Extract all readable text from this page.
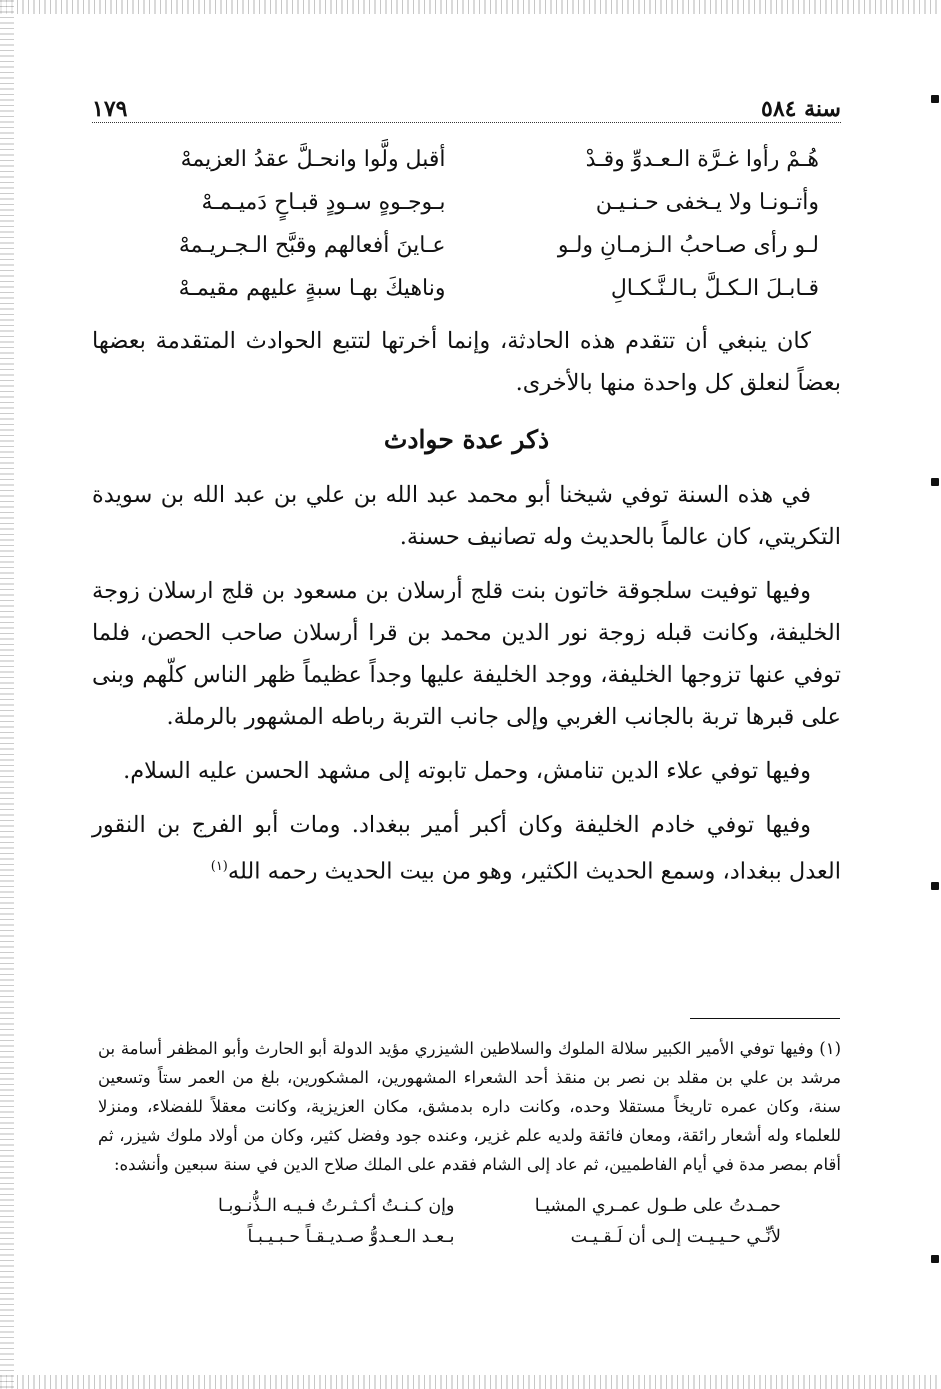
سنة ٥٨٤
١٧٩
هُـمْ رأوا غـرَّة الـعـدوِّ وقـدْ
أقبل ولَّوا وانحـلَّ عقدُ العزيمهْ
وأتـونـا ولا يـخفى حـنـيـن
بـوجـوهٍ سـودٍ قبـاحٍ دَميـمـهْ
لـو رأى صـاحبُ الـزمـانِ ولـو
عـاينَ أفعالهم وقبَّح الـجـريـمهْ
قـابـلَ الـكـلَّ بـالـنَّـكـالِ
وناهيكَ بهـا سبةٍ عليهم مقيمـهْ

كان ينبغي أن تتقدم هذه الحادثة، وإنما أخرتها لتتبع الحوادث المتقدمة بعضها بعضاً لنعلق كل واحدة منها بالأخرى.

ذكر عدة حوادث

في هذه السنة توفي شيخنا أبو محمد عبد الله بن علي بن عبد الله بن سويدة التكريتي، كان عالماً بالحديث وله تصانيف حسنة.

وفيها توفيت سلجوقة خاتون بنت قلج أرسلان بن مسعود بن قلج ارسلان زوجة الخليفة، وكانت قبله زوجة نور الدين محمد بن قرا أرسلان صاحب الحصن، فلما توفي عنها تزوجها الخليفة، ووجد الخليفة عليها وجداً عظيماً ظهر الناس كلّهم وبنى على قبرها تربة بالجانب الغربي وإلى جانب التربة رباطه المشهور بالرملة.

وفيها توفي علاء الدين تنامش، وحمل تابوته إلى مشهد الحسن عليه السلام.

وفيها توفي خادم الخليفة وكان أكبر أمير ببغداد. ومات أبو الفرج بن النقور العدل ببغداد، وسمع الحديث الكثير، وهو من بيت الحديث رحمه الله$^{(١)}$

(١) وفيها توفي الأمير الكبير سلالة الملوك والسلاطين الشيزري مؤيد الدولة أبو الحارث وأبو المظفر أسامة بن مرشد بن علي بن مقلد بن نصر بن منقذ أحد الشعراء المشهورين، المشكورين، بلغ من العمر ستاً وتسعين سنة، وكان عمره تاريخاً مستقلا وحده، وكانت داره بدمشق، مكان العزيزية، وكانت معقلاً للفضلاء، ومنزلا للعلماء وله أشعار رائقة، ومعان فائقة ولديه علم غزير، وعنده جود وفضل كثير، وكان من أولاد ملوك شيزر، ثم أقام بمصر مدة في أيام الفاطميين، ثم عاد إلى الشام فقدم على الملك صلاح الدين في سنة سبعين وأنشده:

حمـدتُ على طـول عمـري المشيـا
وإن كـنـتُ أكـثـرتُ فـيـه الـذُّنـوبـا
لأنِّـي حـيـيـت إلـى أن لَـقـيـت
بـعـد الـعـدوُّ صـديـقـاً حـبـيـبـاً
